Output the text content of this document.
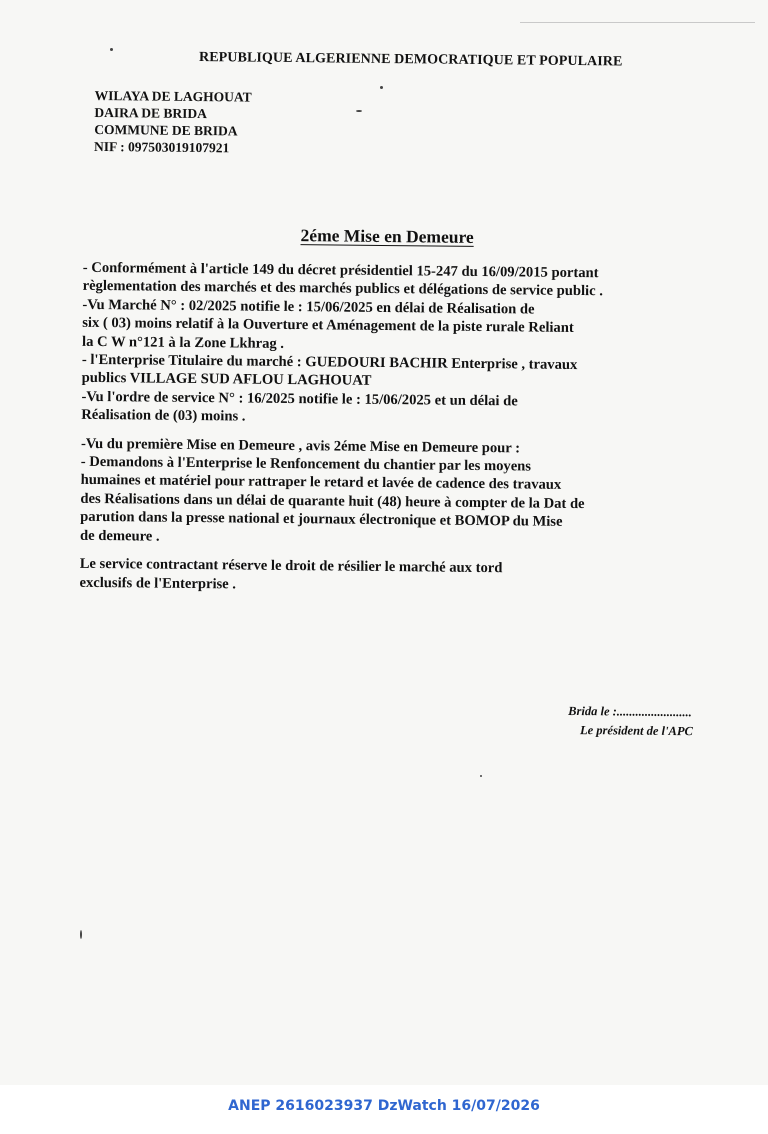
REPUBLIQUE ALGERIENNE DEMOCRATIQUE ET POPULAIRE
WILAYA DE LAGHOUAT
DAIRA DE BRIDA
COMMUNE DE BRIDA
NIF : 097503019107921
2éme Mise en Demeure
- Conformément à l'article 149 du décret présidentiel 15-247 du 16/09/2015 portant
règlementation des marchés et des marchés publics et délégations de service public .
-Vu Marché N° : 02/2025 notifie le : 15/06/2025 en délai de Réalisation de
six ( 03) moins relatif à la Ouverture et Aménagement de la piste rurale Reliant
la C W n°121 à la Zone Lkhrag .
- l'Enterprise Titulaire du marché : GUEDOURI BACHIR Enterprise , travaux
publics VILLAGE SUD AFLOU LAGHOUAT
-Vu l'ordre de service N° : 16/2025 notifie le : 15/06/2025 et un délai de
Réalisation de (03) moins .
-Vu du première Mise en Demeure , avis 2éme Mise en Demeure pour :
- Demandons à l'Enterprise le Renfoncement du chantier par les moyens
humaines et matériel pour rattraper le retard et lavée de cadence des travaux
des Réalisations dans un délai de quarante huit (48) heure à compter de la Dat de
parution dans la presse national et journaux électronique et BOMOP du Mise
de demeure .
Le service contractant réserve le droit de résilier le marché aux tord
exclusifs de l'Enterprise .
Brida le :........................
Le président de l'APC
ANEP 2616023937 DzWatch 16/07/2026
